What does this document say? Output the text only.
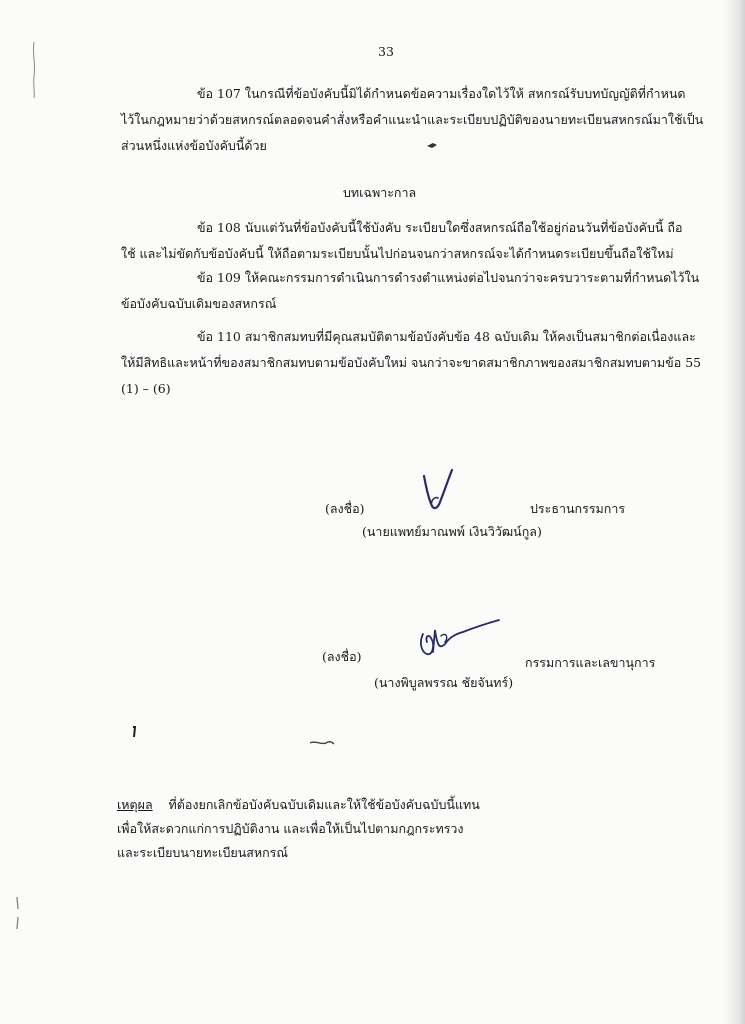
33
ข้อ 107 ในกรณีที่ข้อบังคับนี้มิได้กำหนดข้อความเรื่องใดไว้ให้ สหกรณ์รับบทบัญญัติที่กำหนด
ไว้ในกฎหมายว่าด้วยสหกรณ์ตลอดจนคำสั่งหรือคำแนะนำและระเบียบปฏิบัติของนายทะเบียนสหกรณ์มาใช้เป็น
ส่วนหนึ่งแห่งข้อบังคับนี้ด้วย
บทเฉพาะกาล
ข้อ 108 นับแต่วันที่ข้อบังคับนี้ใช้บังคับ ระเบียบใดซึ่งสหกรณ์ถือใช้อยู่ก่อนวันที่ข้อบังคับนี้ ถือ
ใช้ และไม่ขัดกับข้อบังคับนี้ ให้ถือตามระเบียบนั้นไปก่อนจนกว่าสหกรณ์จะได้กำหนดระเบียบขึ้นถือใช้ใหม่
ข้อ 109 ให้คณะกรรมการดำเนินการดำรงตำแหน่งต่อไปจนกว่าจะครบวาระตามที่กำหนดไว้ใน
ข้อบังคับฉบับเดิมของสหกรณ์
ข้อ 110 สมาชิกสมทบที่มีคุณสมบัติตามข้อบังคับข้อ 48 ฉบับเดิม ให้คงเป็นสมาชิกต่อเนื่องและ
ให้มีสิทธิและหน้าที่ของสมาชิกสมทบตามข้อบังคับใหม่ จนกว่าจะขาดสมาชิกภาพของสมาชิกสมทบตามข้อ 55
(1) – (6)
(ลงชื่อ)	ประธานกรรมการ
(นายแพทย์มาณพพ์ เงินวิวัฒน์กูล)
(ลงชื่อ)	กรรมการและเลขานุการ
(นางพิบูลพรรณ ชัยจันทร์)
เหตุผล ที่ต้องยกเลิกข้อบังคับฉบับเดิมและให้ใช้ข้อบังคับฉบับนี้แทน
เพื่อให้สะดวกแก่การปฏิบัติงาน และเพื่อให้เป็นไปตามกฎกระทรวง
และระเบียบนายทะเบียนสหกรณ์
